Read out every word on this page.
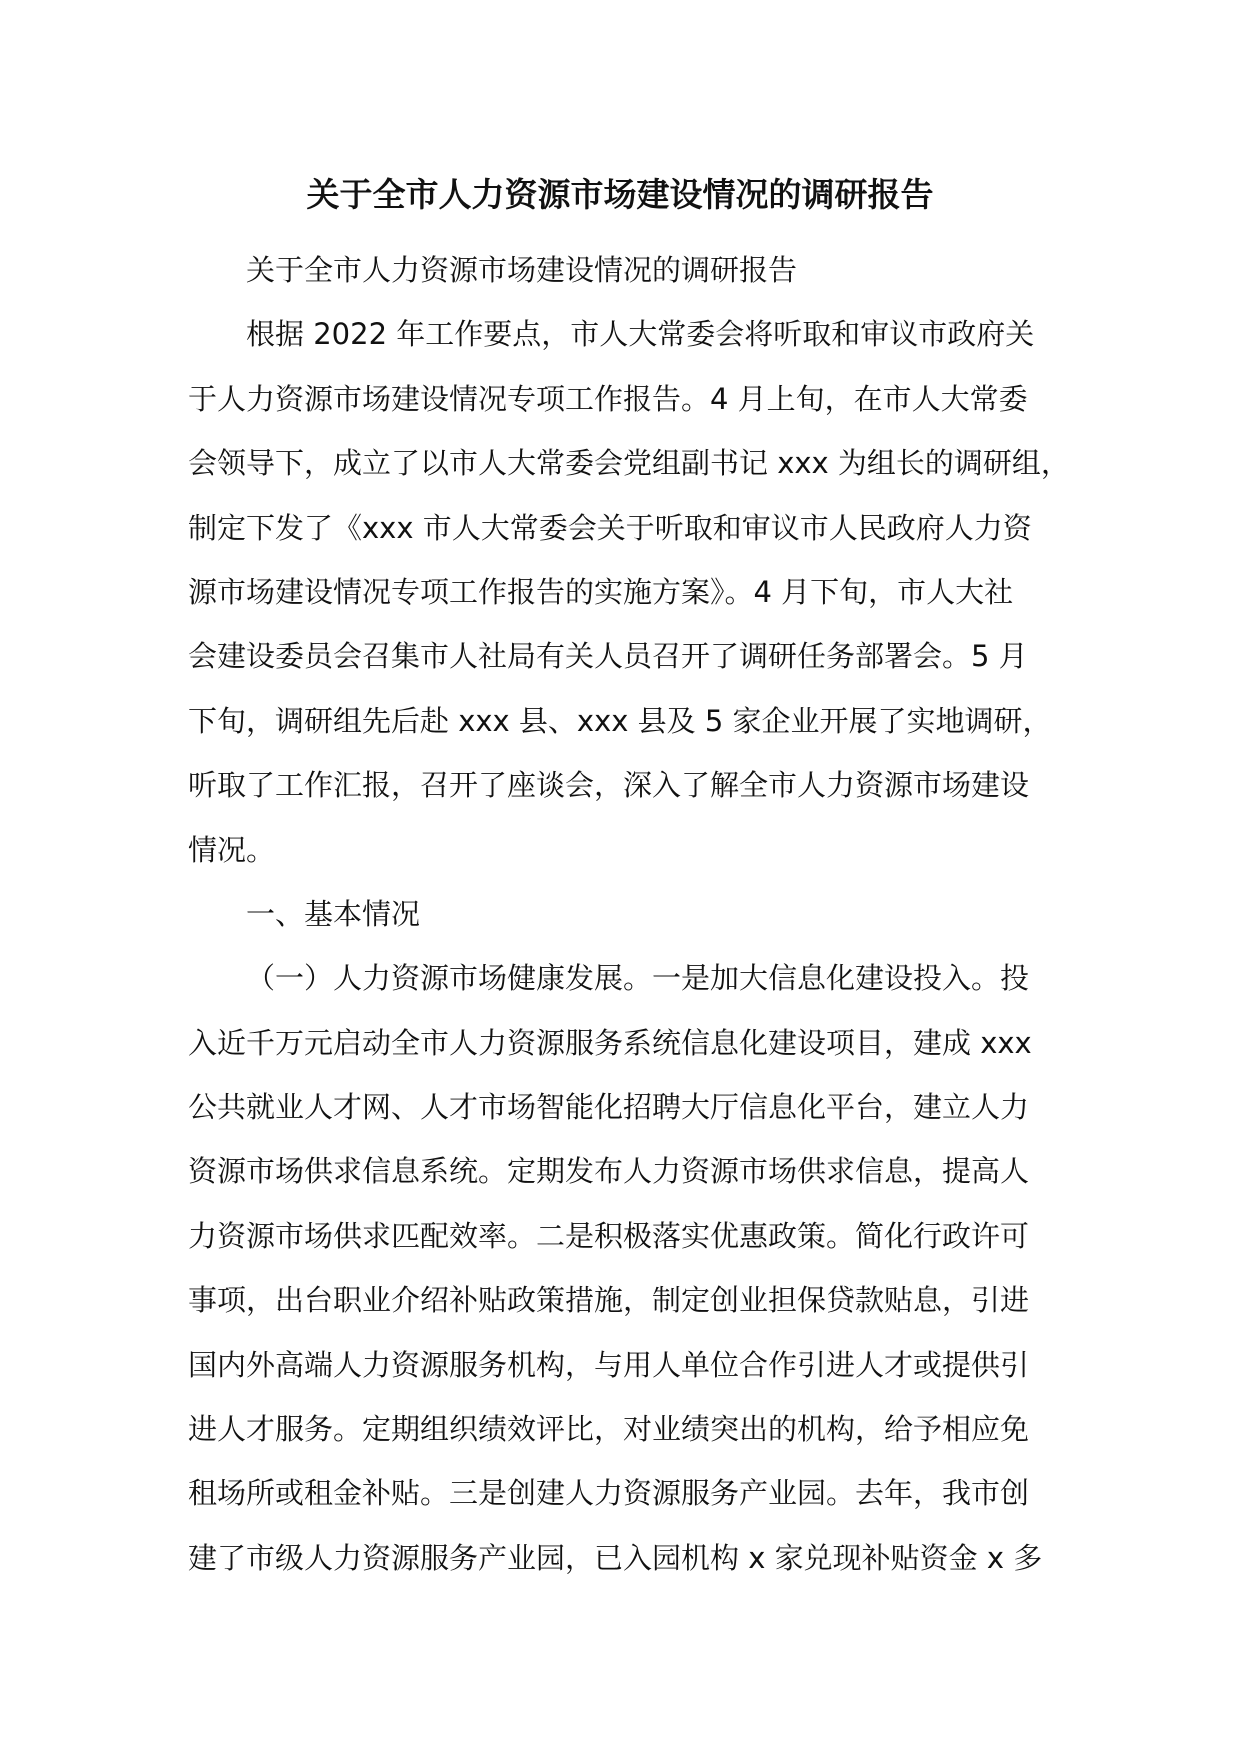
关于全市人力资源市场建设情况的调研报告
关于全市人力资源市场建设情况的调研报告
根据 2022 年工作要点，市人大常委会将听取和审议市政府关
于人力资源市场建设情况专项工作报告。4 月上旬，在市人大常委
会领导下，成立了以市人大常委会党组副书记 xxx 为组长的调研组，
制定下发了《xxx 市人大常委会关于听取和审议市人民政府人力资
源市场建设情况专项工作报告的实施方案》。4 月下旬，市人大社
会建设委员会召集市人社局有关人员召开了调研任务部署会。5 月
下旬，调研组先后赴 xxx 县、xxx 县及 5 家企业开展了实地调研，
听取了工作汇报，召开了座谈会，深入了解全市人力资源市场建设
情况。
一、基本情况
（一）人力资源市场健康发展。一是加大信息化建设投入。投
入近千万元启动全市人力资源服务系统信息化建设项目，建成 xxx
公共就业人才网、人才市场智能化招聘大厅信息化平台，建立人力
资源市场供求信息系统。定期发布人力资源市场供求信息，提高人
力资源市场供求匹配效率。二是积极落实优惠政策。简化行政许可
事项，出台职业介绍补贴政策措施，制定创业担保贷款贴息，引进
国内外高端人力资源服务机构，与用人单位合作引进人才或提供引
进人才服务。定期组织绩效评比，对业绩突出的机构，给予相应免
租场所或租金补贴。三是创建人力资源服务产业园。去年，我市创
建了市级人力资源服务产业园，已入园机构 x 家兑现补贴资金 x 多
